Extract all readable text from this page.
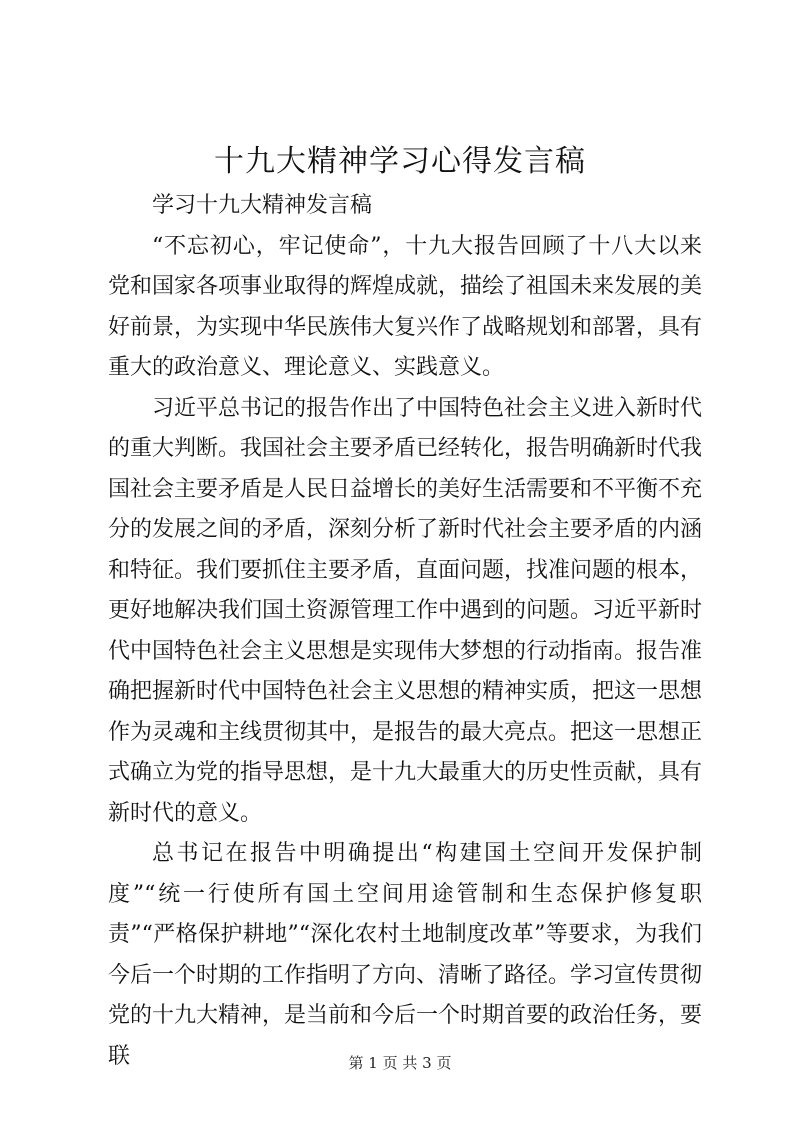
十九大精神学习心得发言稿

学习十九大精神发言稿

“不忘初心，牢记使命”，十九大报告回顾了十八大以来党和国家各项事业取得的辉煌成就，描绘了祖国未来发展的美好前景，为实现中华民族伟大复兴作了战略规划和部署，具有重大的政治意义、理论意义、实践意义。

习近平总书记的报告作出了中国特色社会主义进入新时代的重大判断。我国社会主要矛盾已经转化，报告明确新时代我国社会主要矛盾是人民日益增长的美好生活需要和不平衡不充分的发展之间的矛盾，深刻分析了新时代社会主要矛盾的内涵和特征。我们要抓住主要矛盾，直面问题，找准问题的根本，更好地解决我们国土资源管理工作中遇到的问题。习近平新时代中国特色社会主义思想是实现伟大梦想的行动指南。报告准确把握新时代中国特色社会主义思想的精神实质，把这一思想作为灵魂和主线贯彻其中，是报告的最大亮点。把这一思想正式确立为党的指导思想，是十九大最重大的历史性贡献，具有新时代的意义。

总书记在报告中明确提出“构建国土空间开发保护制度”“统一行使所有国土空间用途管制和生态保护修复职责”“严格保护耕地”“深化农村土地制度改革”等要求，为我们今后一个时期的工作指明了方向、清晰了路径。学习宣传贯彻党的十九大精神，是当前和今后一个时期首要的政治任务，要联	第 1 页 共 3 页
